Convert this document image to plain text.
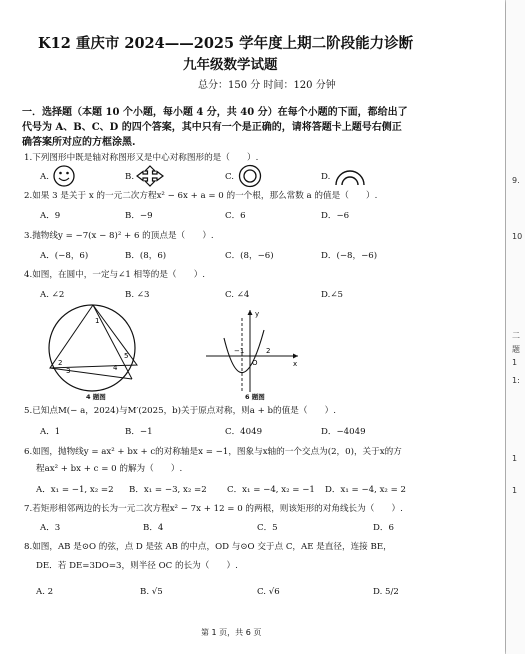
K12 重庆市 2024——2025 学年度上期二阶段能力诊断
九年级数学试题
总分：150 分 时间：120 分钟
一．选择题（本题 10 个小题，每小题 4 分，共 40 分）在每个小题的下面，都给出了
代号为 A、B、C、D 的四个答案，其中只有一个是正确的，请将答题卡上题号右侧正
确答案所对应的方框涂黑.
1.下列图形中既是轴对称图形又是中心对称图形的是（　　）.
A.	B.	C.	D.
2.如果 3 是关于 x 的一元二次方程x² − 6x + a = 0 的一个根，那么常数 a 的值是（　　）.
A．9	B．−9	C．6	D．−6
3.抛物线y = −7(x − 8)² + 6 的顶点是（　　）.
A．(−8，6)	B．(8，6)	C．(8，−6)	D．(−8，−6)
4.如图，在圆中，一定与∠1 相等的是（　　）.
A. ∠2	B. ∠3	C. ∠4	D.∠5
1
2
3	4
5
4 题图
y
x
O
−1	2
6 题图
5.已知点M(− a，2024)与M′(2025，b)关于原点对称，则a + b的值是（　　）.
A．1	B．−1	C．4049	D．−4049
6.如图，抛物线y = ax² + bx + c的对称轴是x = −1，图象与x轴的一个交点为(2，0)，关于x的方
程ax² + bx + c = 0 的解为（　　）.
A．x₁ = −1, x₂ =2 B．x₁ = −3, x₂ =2 C．x₁ = −4, x₂ = −1 D．x₁ = −4, x₂ = 2
7.若矩形相邻两边的长为一元二次方程x² − 7x + 12 = 0 的两根，则该矩形的对角线长为（　　）.
A．3	B．4	C．5	D．6
8.如图，AB 是⊙O 的弦，点 D 是弦 AB 的中点，OD 与⊙O 交于点 C，AE 是直径，连接 BE，
DE．若 DE=3DO=3，则半径 OC 的长为（　　）.
A. 2	B. √5	C. √6	D. 5/2
第 1 页，共 6 页
9.
10
二
题
1
1:
1
1
